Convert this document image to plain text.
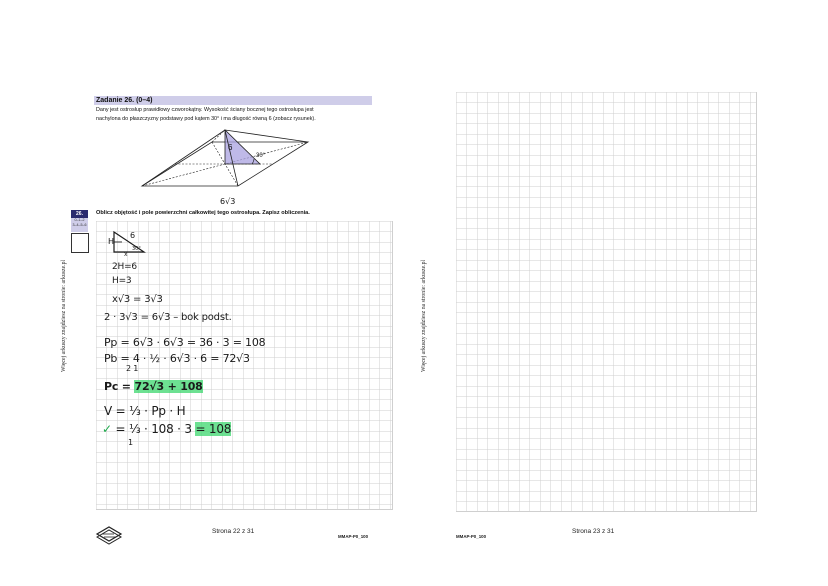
Zadanie 26. (0–4)
Dany jest ostrosłup prawidłowy czworokątny. Wysokość ściany bocznej tego ostrosłupa jest
nachylona do płaszczyzny podstawy pod kątem 30° i ma długość równą 6 (zobacz rysunek).
6
30°
6√3
Oblicz objętość i pole powierzchni całkowitej tego ostrosłupa. Zapisz obliczenia.
26.
0–1–2
3–4–5–6
Więcej arkuszy znajdziesz na stronie: arkusze.pl
6
H
30°
x
2H=6
H=3
x√3 = 3√3
2 · 3√3 = 6√3 – bok podst.
Pp = 6√3 · 6√3 = 36 · 3 = 108
Pb = 4 · ½ · 6√3 · 6 = 72√3
2 1
Pc = 72√3 + 108
V = ⅓ · Pp · H
✓ = ⅓ · 108 · 3 = 108
1
Strona 22 z 31
MMAP-P0_100
Więcej arkuszy znajdziesz na stronie: arkusze.pl
MMAP-P0_100
Strona 23 z 31
